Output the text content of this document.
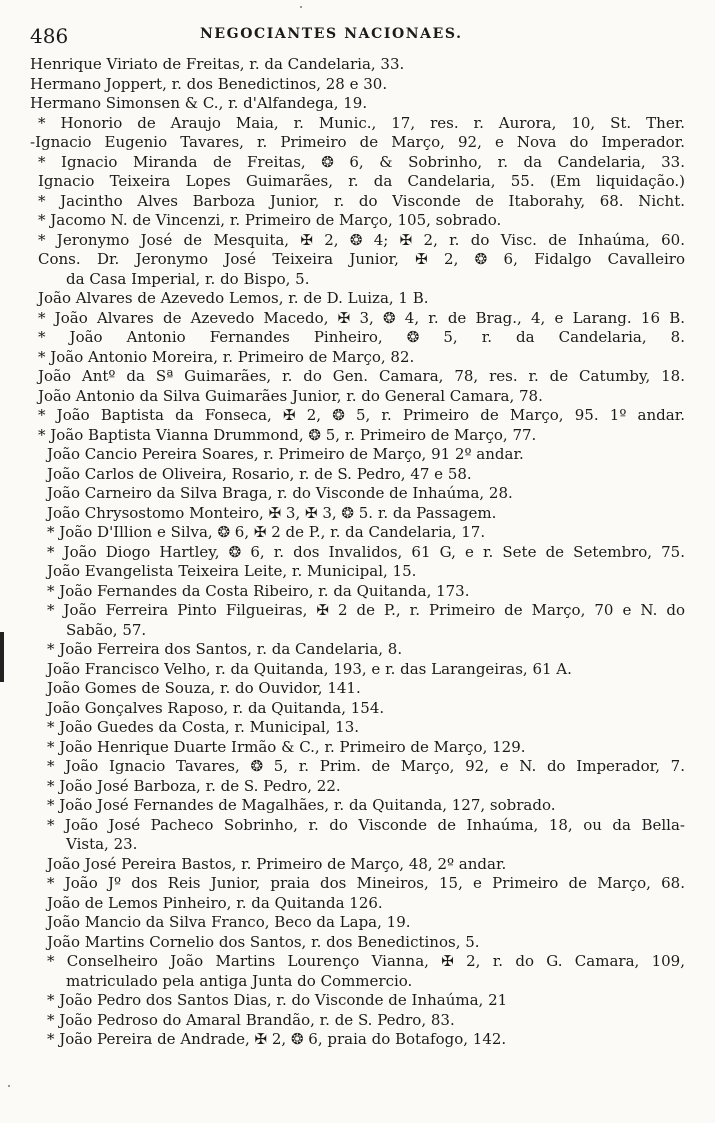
486	NEGOCIANTES NACIONAES.
Henrique Viriato de Freitas, r. da Candelaria, 33.
Hermano Joppert, r. dos Benedictinos, 28 e 30.
Hermano Simonsen & C., r. d'Alfandega, 19.
* Honorio de Araujo Maia, r. Munic., 17, res. r. Aurora, 10, St. Ther.
-Ignacio Eugenio Tavares, r. Primeiro de Março, 92, e Nova do Imperador.
* Ignacio Miranda de Freitas, ❂ 6, & Sobrinho, r. da Candelaria, 33.
Ignacio Teixeira Lopes Guimarães, r. da Candelaria, 55. (Em liquidação.)
* Jacintho Alves Barboza Junior, r. do Visconde de Itaborahy, 68. Nicht.
* Jacomo N. de Vincenzi, r. Primeiro de Março, 105, sobrado.
* Jeronymo José de Mesquita, ✠ 2, ❂ 4; ✠ 2, r. do Visc. de Inhaúma, 60.
Cons. Dr. Jeronymo José Teixeira Junior, ✠ 2, ❂ 6, Fidalgo Cavalleiro
da Casa Imperial, r. do Bispo, 5.
João Alvares de Azevedo Lemos, r. de D. Luiza, 1 B.
* João Alvares de Azevedo Macedo, ✠ 3, ❂ 4, r. de Brag., 4, e Larang. 16 B.
* João Antonio Fernandes Pinheiro, ❂ 5, r. da Candelaria, 8.
* João Antonio Moreira, r. Primeiro de Março, 82.
João Antº da Sª Guimarães, r. do Gen. Camara, 78, res. r. de Catumby, 18.
João Antonio da Silva Guimarães Junior, r. do General Camara, 78.
* João Baptista da Fonseca, ✠ 2, ❂ 5, r. Primeiro de Março, 95. 1º andar.
* João Baptista Vianna Drummond, ❂ 5, r. Primeiro de Março, 77.
João Cancio Pereira Soares, r. Primeiro de Março, 91 2º andar.
João Carlos de Oliveira, Rosario, r. de S. Pedro, 47 e 58.
João Carneiro da Silva Braga, r. do Visconde de Inhaúma, 28.
João Chrysostomo Monteiro, ✠ 3, ✠ 3, ❂ 5. r. da Passagem.
* João D'Illion e Silva, ❂ 6, ✠ 2 de P., r. da Candelaria, 17.
* João Diogo Hartley, ❂ 6, r. dos Invalidos, 61 G, e r. Sete de Setembro, 75.
João Evangelista Teixeira Leite, r. Municipal, 15.
* João Fernandes da Costa Ribeiro, r. da Quitanda, 173.
* João Ferreira Pinto Filgueiras, ✠ 2 de P., r. Primeiro de Março, 70 e N. do
Sabão, 57.
* João Ferreira dos Santos, r. da Candelaria, 8.
João Francisco Velho, r. da Quitanda, 193, e r. das Larangeiras, 61 A.
João Gomes de Souza, r. do Ouvidor, 141.
João Gonçalves Raposo, r. da Quitanda, 154.
* João Guedes da Costa, r. Municipal, 13.
* João Henrique Duarte Irmão & C., r. Primeiro de Março, 129.
* João Ignacio Tavares, ❂ 5, r. Prim. de Março, 92, e N. do Imperador, 7.
* João José Barboza, r. de S. Pedro, 22.
* João José Fernandes de Magalhães, r. da Quitanda, 127, sobrado.
* João José Pacheco Sobrinho, r. do Visconde de Inhaúma, 18, ou da Bella-
Vista, 23.
João José Pereira Bastos, r. Primeiro de Março, 48, 2º andar.
* João Jº dos Reis Junior, praia dos Mineiros, 15, e Primeiro de Março, 68.
João de Lemos Pinheiro, r. da Quitanda 126.
João Mancio da Silva Franco, Beco da Lapa, 19.
João Martins Cornelio dos Santos, r. dos Benedictinos, 5.
* Conselheiro João Martins Lourenço Vianna, ✠ 2, r. do G. Camara, 109,
matriculado pela antiga Junta do Commercio.
* João Pedro dos Santos Dias, r. do Visconde de Inhaúma, 21
* João Pedroso do Amaral Brandão, r. de S. Pedro, 83.
* João Pereira de Andrade, ✠ 2, ❂ 6, praia do Botafogo, 142.
